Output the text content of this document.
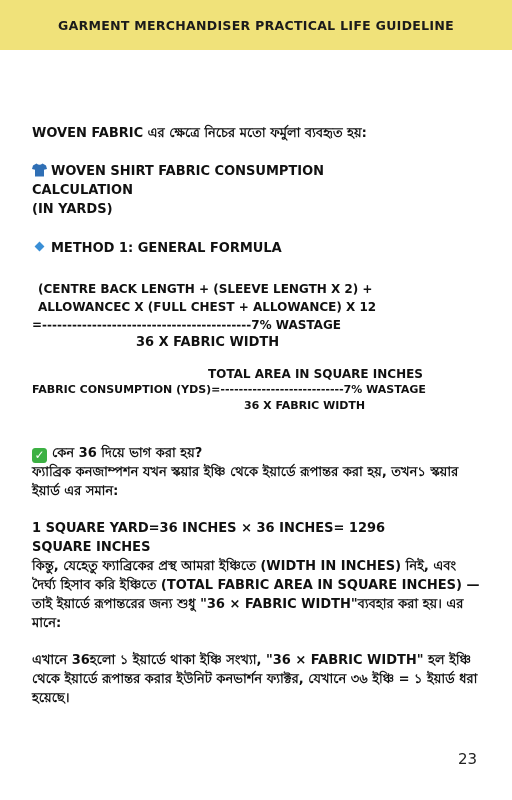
GARMENT MERCHANDISER PRACTICAL LIFE GUIDELINE
WOVEN FABRIC এর ক্ষেত্রে নিচের মতো ফর্মুলা ব্যবহৃত হয়:
WOVEN SHIRT FABRIC CONSUMPTION
CALCULATION
(IN YARDS)
METHOD 1: GENERAL FORMULA
(CENTRE BACK LENGTH + (SLEEVE LENGTH X 2) +
ALLOWANCEC X (FULL CHEST + ALLOWANCE) X 12
=------------------------------------------7% WASTAGE
36 X FABRIC WIDTH
TOTAL AREA IN SQUARE INCHES
FABRIC CONSUMPTION (YDS)=---------------------------7% WASTAGE
36 X FABRIC WIDTH
✓ কেন 36 দিয়ে ভাগ করা হয়?
ফ্যাব্রিক কনজাম্পশন যখন স্কয়ার ইঞ্চি থেকে ইয়ার্ডে রূপান্তর করা হয়, তখন১ স্কয়ার ইয়ার্ড এর সমান:
1 SQUARE YARD=36 INCHES × 36 INCHES= 1296
SQUARE INCHES
কিন্তু, যেহেতু ফ্যাব্রিকের প্রস্থ আমরা ইঞ্চিতে (WIDTH IN INCHES) নিই, এবং দৈর্ঘ্য হিসাব করি ইঞ্চিতে (TOTAL FABRIC AREA IN SQUARE INCHES) — তাই ইয়ার্ডে রূপান্তরের জন্য শুধু "36 × FABRIC WIDTH"ব্যবহার করা হয়। এর মানে:
এখানে 36হলো ১ ইয়ার্ডে থাকা ইঞ্চি সংখ্যা, "36 × FABRIC WIDTH" হল ইঞ্চি থেকে ইয়ার্ডে রূপান্তর করার ইউনিট কনভার্শন ফ্যাক্টর, যেখানে ৩৬ ইঞ্চি = ১ ইয়ার্ড ধরা হয়েছে।
23
